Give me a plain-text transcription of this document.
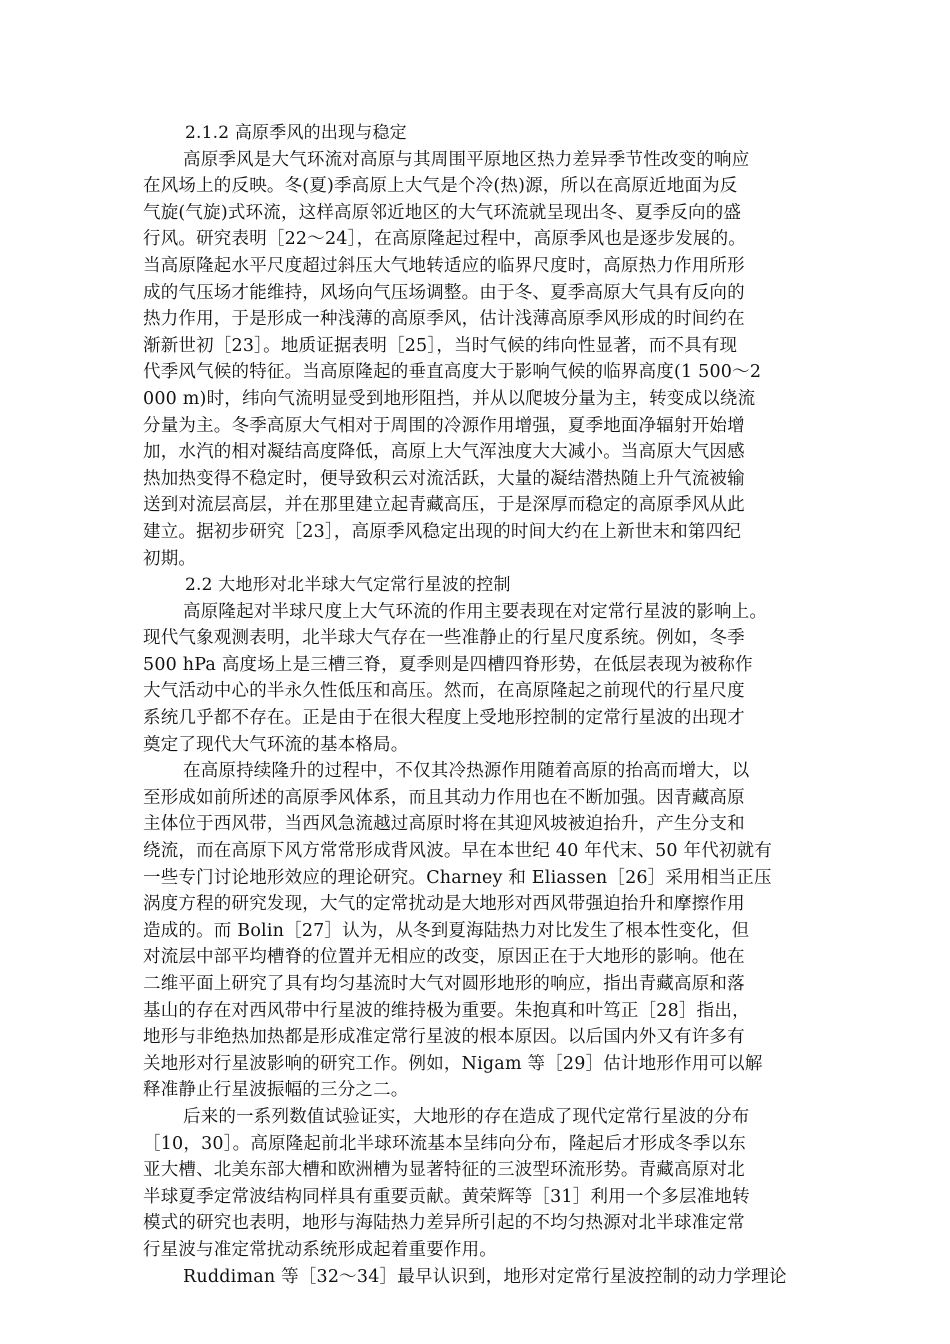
2.1.2 高原季风的出现与稳定
高原季风是大气环流对高原与其周围平原地区热力差异季节性改变的响应
在风场上的反映。冬(夏)季高原上大气是个冷(热)源，所以在高原近地面为反
气旋(气旋)式环流，这样高原邻近地区的大气环流就呈现出冬、夏季反向的盛
行风。研究表明［22～24］，在高原隆起过程中，高原季风也是逐步发展的。
当高原隆起水平尺度超过斜压大气地转适应的临界尺度时，高原热力作用所形
成的气压场才能维持，风场向气压场调整。由于冬、夏季高原大气具有反向的
热力作用，于是形成一种浅薄的高原季风，估计浅薄高原季风形成的时间约在
渐新世初［23］。地质证据表明［25］，当时气候的纬向性显著，而不具有现
代季风气候的特征。当高原隆起的垂直高度大于影响气候的临界高度(1 500～2
000 m)时，纬向气流明显受到地形阻挡，并从以爬坡分量为主，转变成以绕流
分量为主。冬季高原大气相对于周围的冷源作用增强，夏季地面净辐射开始增
加，水汽的相对凝结高度降低，高原上大气浑浊度大大减小。当高原大气因感
热加热变得不稳定时，便导致积云对流活跃，大量的凝结潜热随上升气流被输
送到对流层高层，并在那里建立起青藏高压，于是深厚而稳定的高原季风从此
建立。据初步研究［23］，高原季风稳定出现的时间大约在上新世末和第四纪
初期。
2.2 大地形对北半球大气定常行星波的控制
高原隆起对半球尺度上大气环流的作用主要表现在对定常行星波的影响上。
现代气象观测表明，北半球大气存在一些准静止的行星尺度系统。例如，冬季
500 hPa 高度场上是三槽三脊，夏季则是四槽四脊形势，在低层表现为被称作
大气活动中心的半永久性低压和高压。然而，在高原隆起之前现代的行星尺度
系统几乎都不存在。正是由于在很大程度上受地形控制的定常行星波的出现才
奠定了现代大气环流的基本格局。
在高原持续隆升的过程中，不仅其冷热源作用随着高原的抬高而增大，以
至形成如前所述的高原季风体系，而且其动力作用也在不断加强。因青藏高原
主体位于西风带，当西风急流越过高原时将在其迎风坡被迫抬升，产生分支和
绕流，而在高原下风方常常形成背风波。早在本世纪 40 年代末、50 年代初就有
一些专门讨论地形效应的理论研究。Charney 和 Eliassen［26］采用相当正压
涡度方程的研究发现，大气的定常扰动是大地形对西风带强迫抬升和摩擦作用
造成的。而 Bolin［27］认为，从冬到夏海陆热力对比发生了根本性变化，但
对流层中部平均槽脊的位置并无相应的改变，原因正在于大地形的影响。他在
二维平面上研究了具有均匀基流时大气对圆形地形的响应，指出青藏高原和落
基山的存在对西风带中行星波的维持极为重要。朱抱真和叶笃正［28］指出，
地形与非绝热加热都是形成准定常行星波的根本原因。以后国内外又有许多有
关地形对行星波影响的研究工作。例如，Nigam 等［29］估计地形作用可以解
释准静止行星波振幅的三分之二。
后来的一系列数值试验证实，大地形的存在造成了现代定常行星波的分布
［10，30］。高原隆起前北半球环流基本呈纬向分布，隆起后才形成冬季以东
亚大槽、北美东部大槽和欧洲槽为显著特征的三波型环流形势。青藏高原对北
半球夏季定常波结构同样具有重要贡献。黄荣辉等［31］利用一个多层准地转
模式的研究也表明，地形与海陆热力差异所引起的不均匀热源对北半球准定常
行星波与准定常扰动系统形成起着重要作用。
Ruddiman 等［32～34］最早认识到，地形对定常行星波控制的动力学理论
